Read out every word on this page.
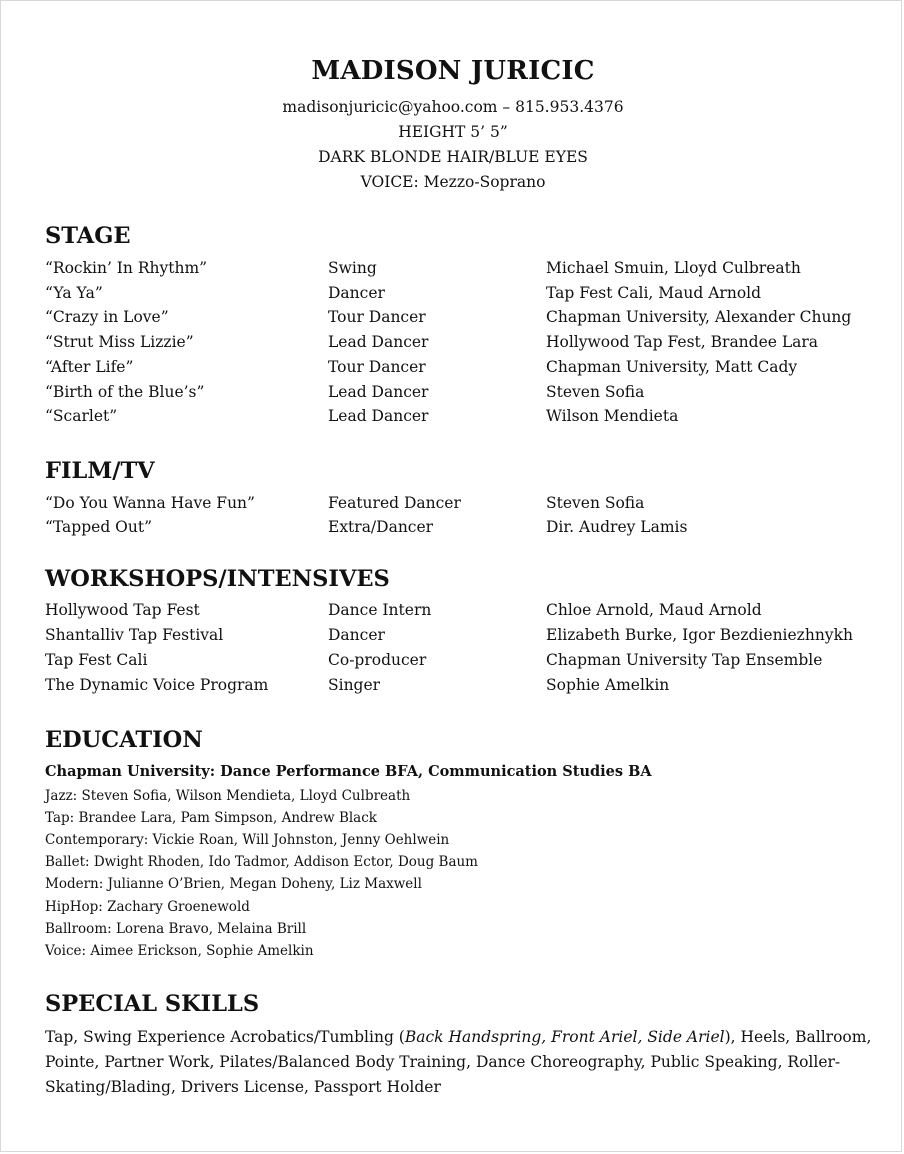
MADISON JURICIC
madisonjuricic@yahoo.com – 815.953.4376
HEIGHT 5’ 5”
DARK BLONDE HAIR/BLUE EYES
VOICE: Mezzo-Soprano
STAGE
“Rockin’ In Rhythm”	Swing	Michael Smuin, Lloyd Culbreath
“Ya Ya”	Dancer	Tap Fest Cali, Maud Arnold
“Crazy in Love”	Tour Dancer	Chapman University, Alexander Chung
“Strut Miss Lizzie”	Lead Dancer	Hollywood Tap Fest, Brandee Lara
“After Life”	Tour Dancer	Chapman University, Matt Cady
“Birth of the Blue’s”	Lead Dancer	Steven Sofia
“Scarlet”	Lead Dancer	Wilson Mendieta
FILM/TV
“Do You Wanna Have Fun”	Featured Dancer	Steven Sofia
“Tapped Out”	Extra/Dancer	Dir. Audrey Lamis
WORKSHOPS/INTENSIVES
Hollywood Tap Fest	Dance Intern	Chloe Arnold, Maud Arnold
Shantalliv Tap Festival	Dancer	Elizabeth Burke, Igor Bezdieniezhnykh
Tap Fest Cali	Co-producer	Chapman University Tap Ensemble
The Dynamic Voice Program	Singer	Sophie Amelkin
EDUCATION
Chapman University: Dance Performance BFA, Communication Studies BA
Jazz: Steven Sofia, Wilson Mendieta, Lloyd Culbreath
Tap: Brandee Lara, Pam Simpson, Andrew Black
Contemporary: Vickie Roan, Will Johnston, Jenny Oehlwein
Ballet: Dwight Rhoden, Ido Tadmor, Addison Ector, Doug Baum
Modern: Julianne O’Brien, Megan Doheny, Liz Maxwell
HipHop: Zachary Groenewold
Ballroom: Lorena Bravo, Melaina Brill
Voice: Aimee Erickson, Sophie Amelkin
SPECIAL SKILLS
Tap, Swing Experience Acrobatics/Tumbling (Back Handspring, Front Ariel, Side Ariel), Heels, Ballroom, Pointe, Partner Work, Pilates/Balanced Body Training, Dance Choreography, Public Speaking, Roller-Skating/Blading, Drivers License, Passport Holder
